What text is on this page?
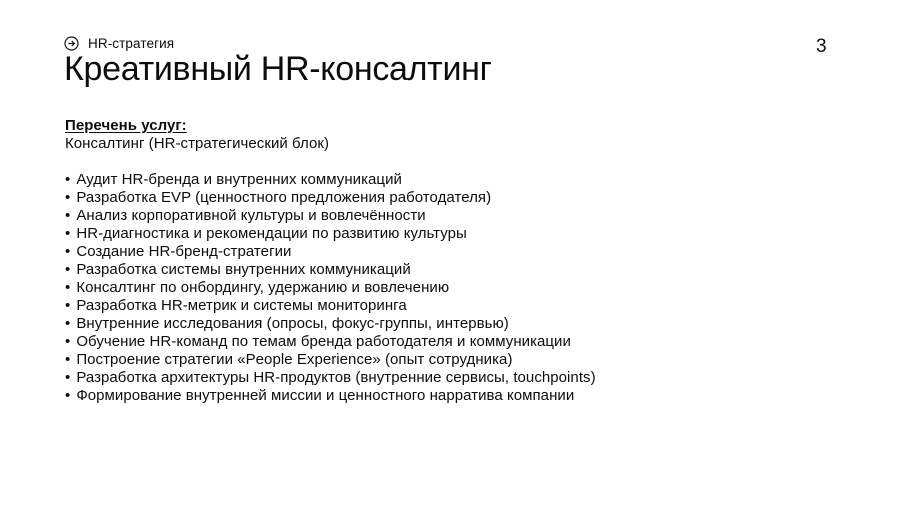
HR-стратегия	3
Креативный HR-консалтинг
Перечень услуг:
Консалтинг (HR-стратегический блок)
• Аудит HR-бренда и внутренних коммуникаций
• Разработка EVP (ценностного предложения работодателя)
• Анализ корпоративной культуры и вовлечённости
• HR-диагностика и рекомендации по развитию культуры
• Создание HR-бренд-стратегии
• Разработка системы внутренних коммуникаций
• Консалтинг по онбордингу, удержанию и вовлечению
• Разработка HR-метрик и системы мониторинга
• Внутренние исследования (опросы, фокус-группы, интервью)
• Обучение HR-команд по темам бренда работодателя и коммуникации
• Построение стратегии «People Experience» (опыт сотрудника)
• Разработка архитектуры HR-продуктов (внутренние сервисы, touchpoints)
• Формирование внутренней миссии и ценностного нарратива компании
